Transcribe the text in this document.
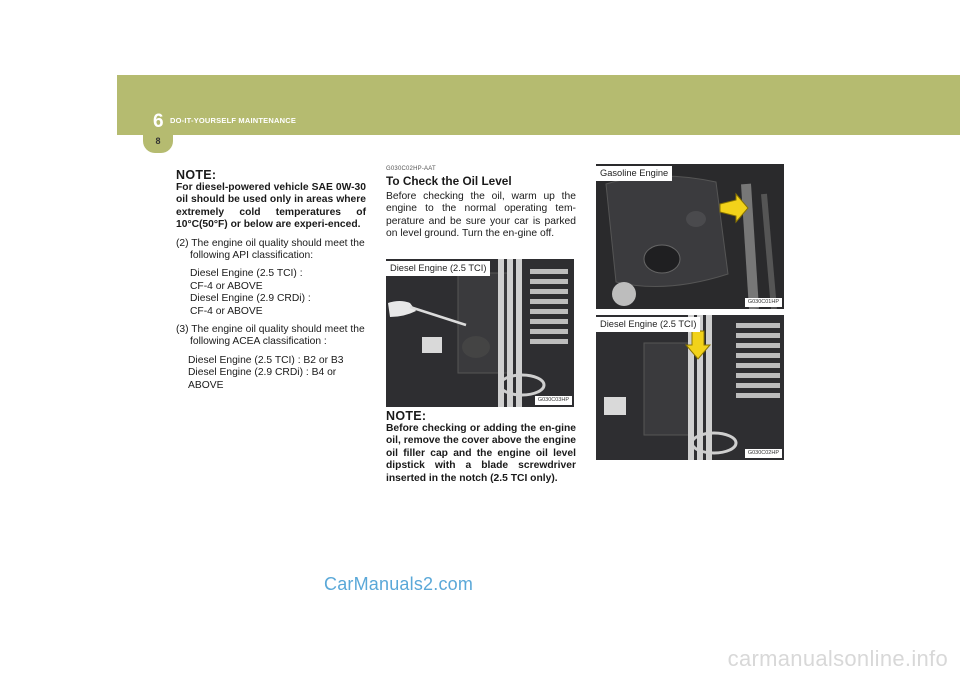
6 DO-IT-YOURSELF MAINTENANCE
8
NOTE:

For diesel-powered vehicle SAE 0W-30 oil should be used only in areas where extremely cold temperatures of 10°C(50°F) or below are experi-enced.

(2) The engine oil quality should meet the following API classification:

Diesel Engine (2.5 TCI) :
CF-4 or ABOVE
Diesel Engine (2.9 CRDi) :
CF-4 or ABOVE

(3) The engine oil quality should meet the following ACEA classification :

Diesel Engine (2.5 TCI) : B2 or B3
Diesel Engine (2.9 CRDi) : B4 or
ABOVE
G030C02HP-AAT
To Check the Oil Level

Before checking the oil, warm up the engine to the normal operating tem-perature and be sure your car is parked on level ground. Turn the en-gine off.

Diesel Engine (2.5 TCI)
G030C03HP
NOTE:

Before checking or adding the en-gine oil, remove the cover above the engine oil filler cap and the engine oil level dipstick with a blade screwdriver inserted in the notch (2.5 TCI only).

Gasoline Engine
G030C01HP
Diesel Engine (2.5 TCI)
G030C02HP
CarManuals2.com
carmanualsonline.info
